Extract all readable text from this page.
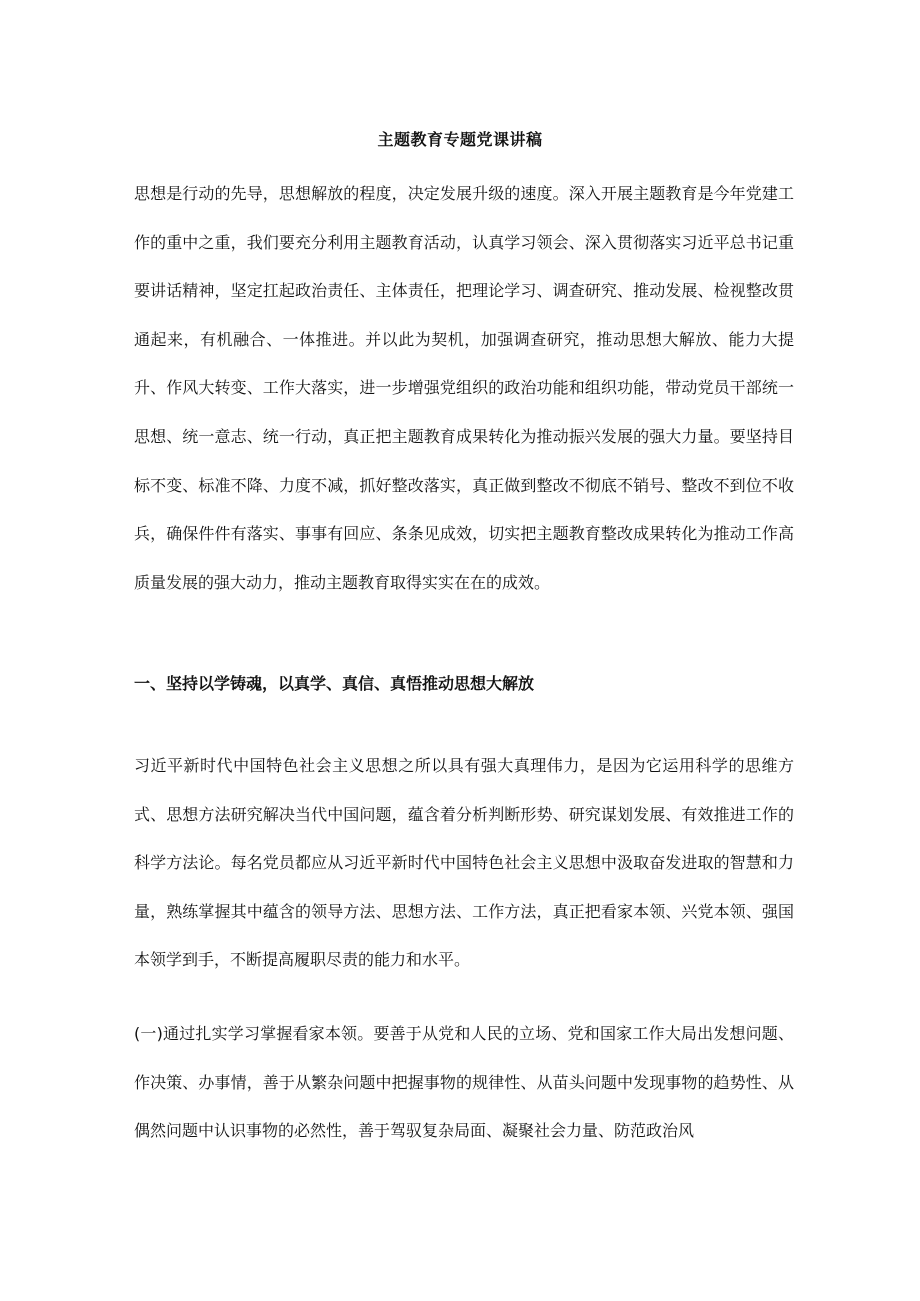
主题教育专题党课讲稿

思想是行动的先导，思想解放的程度，决定发展升级的速度。深入开展主题教育是今年党建工作的重中之重，我们要充分利用主题教育活动，认真学习领会、深入贯彻落实习近平总书记重要讲话精神，坚定扛起政治责任、主体责任，把理论学习、调查研究、推动发展、检视整改贯通起来，有机融合、一体推进。并以此为契机，加强调查研究，推动思想大解放、能力大提升、作风大转变、工作大落实，进一步增强党组织的政治功能和组织功能，带动党员干部统一思想、统一意志、统一行动，真正把主题教育成果转化为推动振兴发展的强大力量。要坚持目标不变、标准不降、力度不减，抓好整改落实，真正做到整改不彻底不销号、整改不到位不收兵，确保件件有落实、事事有回应、条条见成效，切实把主题教育整改成果转化为推动工作高质量发展的强大动力，推动主题教育取得实实在在的成效。

一、坚持以学铸魂，以真学、真信、真悟推动思想大解放

习近平新时代中国特色社会主义思想之所以具有强大真理伟力，是因为它运用科学的思维方式、思想方法研究解决当代中国问题，蕴含着分析判断形势、研究谋划发展、有效推进工作的科学方法论。每名党员都应从习近平新时代中国特色社会主义思想中汲取奋发进取的智慧和力量，熟练掌握其中蕴含的领导方法、思想方法、工作方法，真正把看家本领、兴党本领、强国本领学到手，不断提高履职尽责的能力和水平。

(一)通过扎实学习掌握看家本领。要善于从党和人民的立场、党和国家工作大局出发想问题、作决策、办事情，善于从繁杂问题中把握事物的规律性、从苗头问题中发现事物的趋势性、从偶然问题中认识事物的必然性，善于驾驭复杂局面、凝聚社会力量、防范政治风
